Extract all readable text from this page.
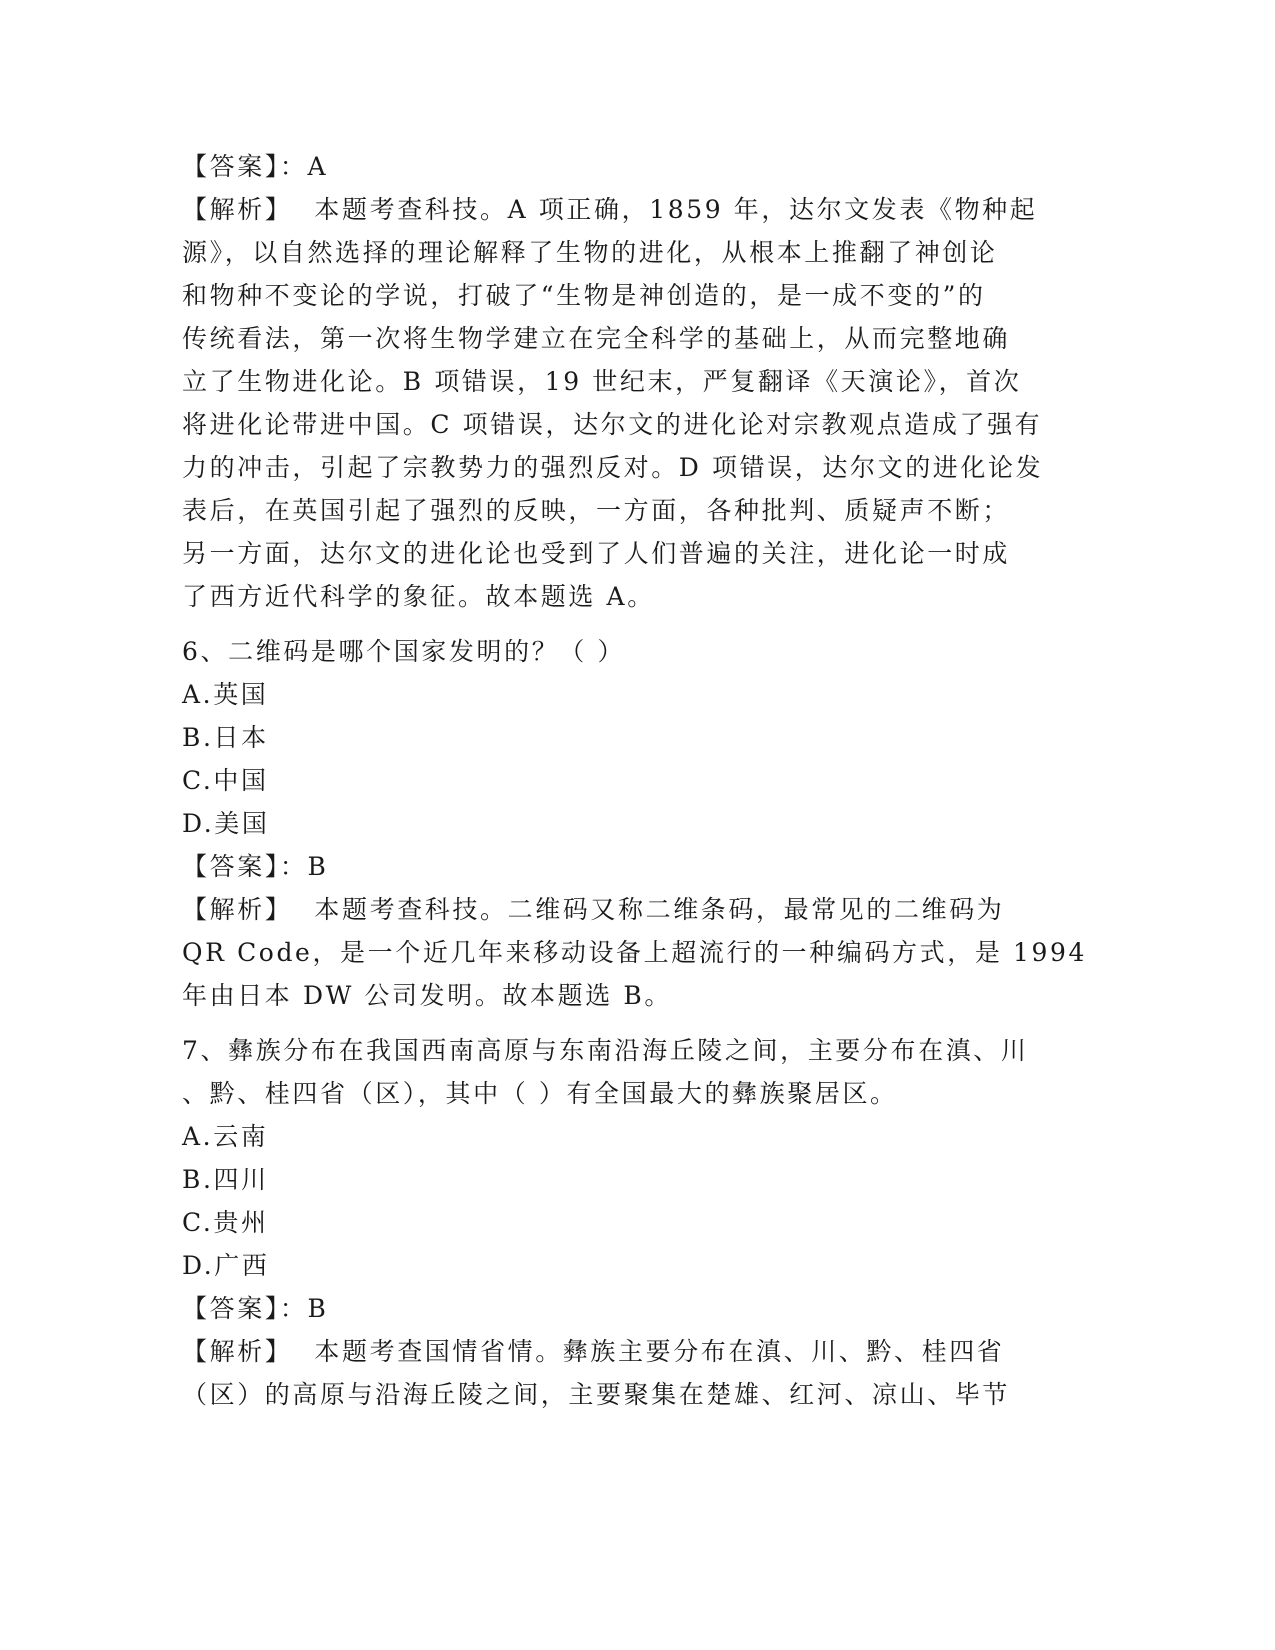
【答案】：A
【解析】 本题考查科技。A 项正确，1859 年，达尔文发表《物种起
源》，以自然选择的理论解释了生物的进化，从根本上推翻了神创论
和物种不变论的学说，打破了“生物是神创造的，是一成不变的”的
传统看法，第一次将生物学建立在完全科学的基础上，从而完整地确
立了生物进化论。B 项错误，19 世纪末，严复翻译《天演论》，首次
将进化论带进中国。C 项错误，达尔文的进化论对宗教观点造成了强有
力的冲击，引起了宗教势力的强烈反对。D 项错误，达尔文的进化论发
表后，在英国引起了强烈的反映，一方面，各种批判、质疑声不断；
另一方面，达尔文的进化论也受到了人们普遍的关注，进化论一时成
了西方近代科学的象征。故本题选 A。
6、二维码是哪个国家发明的？（ ）
A.英国
B.日本
C.中国
D.美国
【答案】：B
【解析】 本题考查科技。二维码又称二维条码，最常见的二维码为
QR Code，是一个近几年来移动设备上超流行的一种编码方式，是 1994
年由日本 DW 公司发明。故本题选 B。
7、彝族分布在我国西南高原与东南沿海丘陵之间，主要分布在滇、川
、黔、桂四省（区），其中（ ）有全国最大的彝族聚居区。
A.云南
B.四川
C.贵州
D.广西
【答案】：B
【解析】 本题考查国情省情。彝族主要分布在滇、川、黔、桂四省
（区）的高原与沿海丘陵之间，主要聚集在楚雄、红河、凉山、毕节
